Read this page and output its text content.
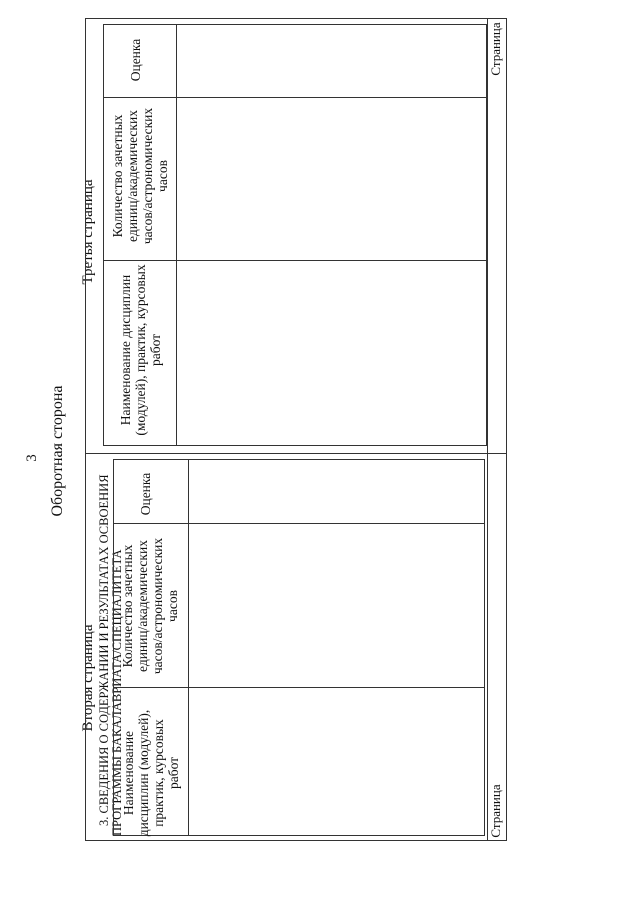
3 Оборотная сторона
Вторая страница
Третья страница
3. СВЕДЕНИЯ О СОДЕРЖАНИИ И РЕЗУЛЬТАТАХ ОСВОЕНИЯ ПРОГРАММЫ БАКАЛАВРИАТА/СПЕЦИАЛИТЕТА
Наименование дисциплин (модулей), практик, курсовых работ
Количество зачетных единиц/академических часов/астрономических часов
Оценка
Наименование дисциплин (модулей), практик, курсовых работ
Количество зачетных единиц/академических часов/астрономических часов
Оценка
Страница
Страница
